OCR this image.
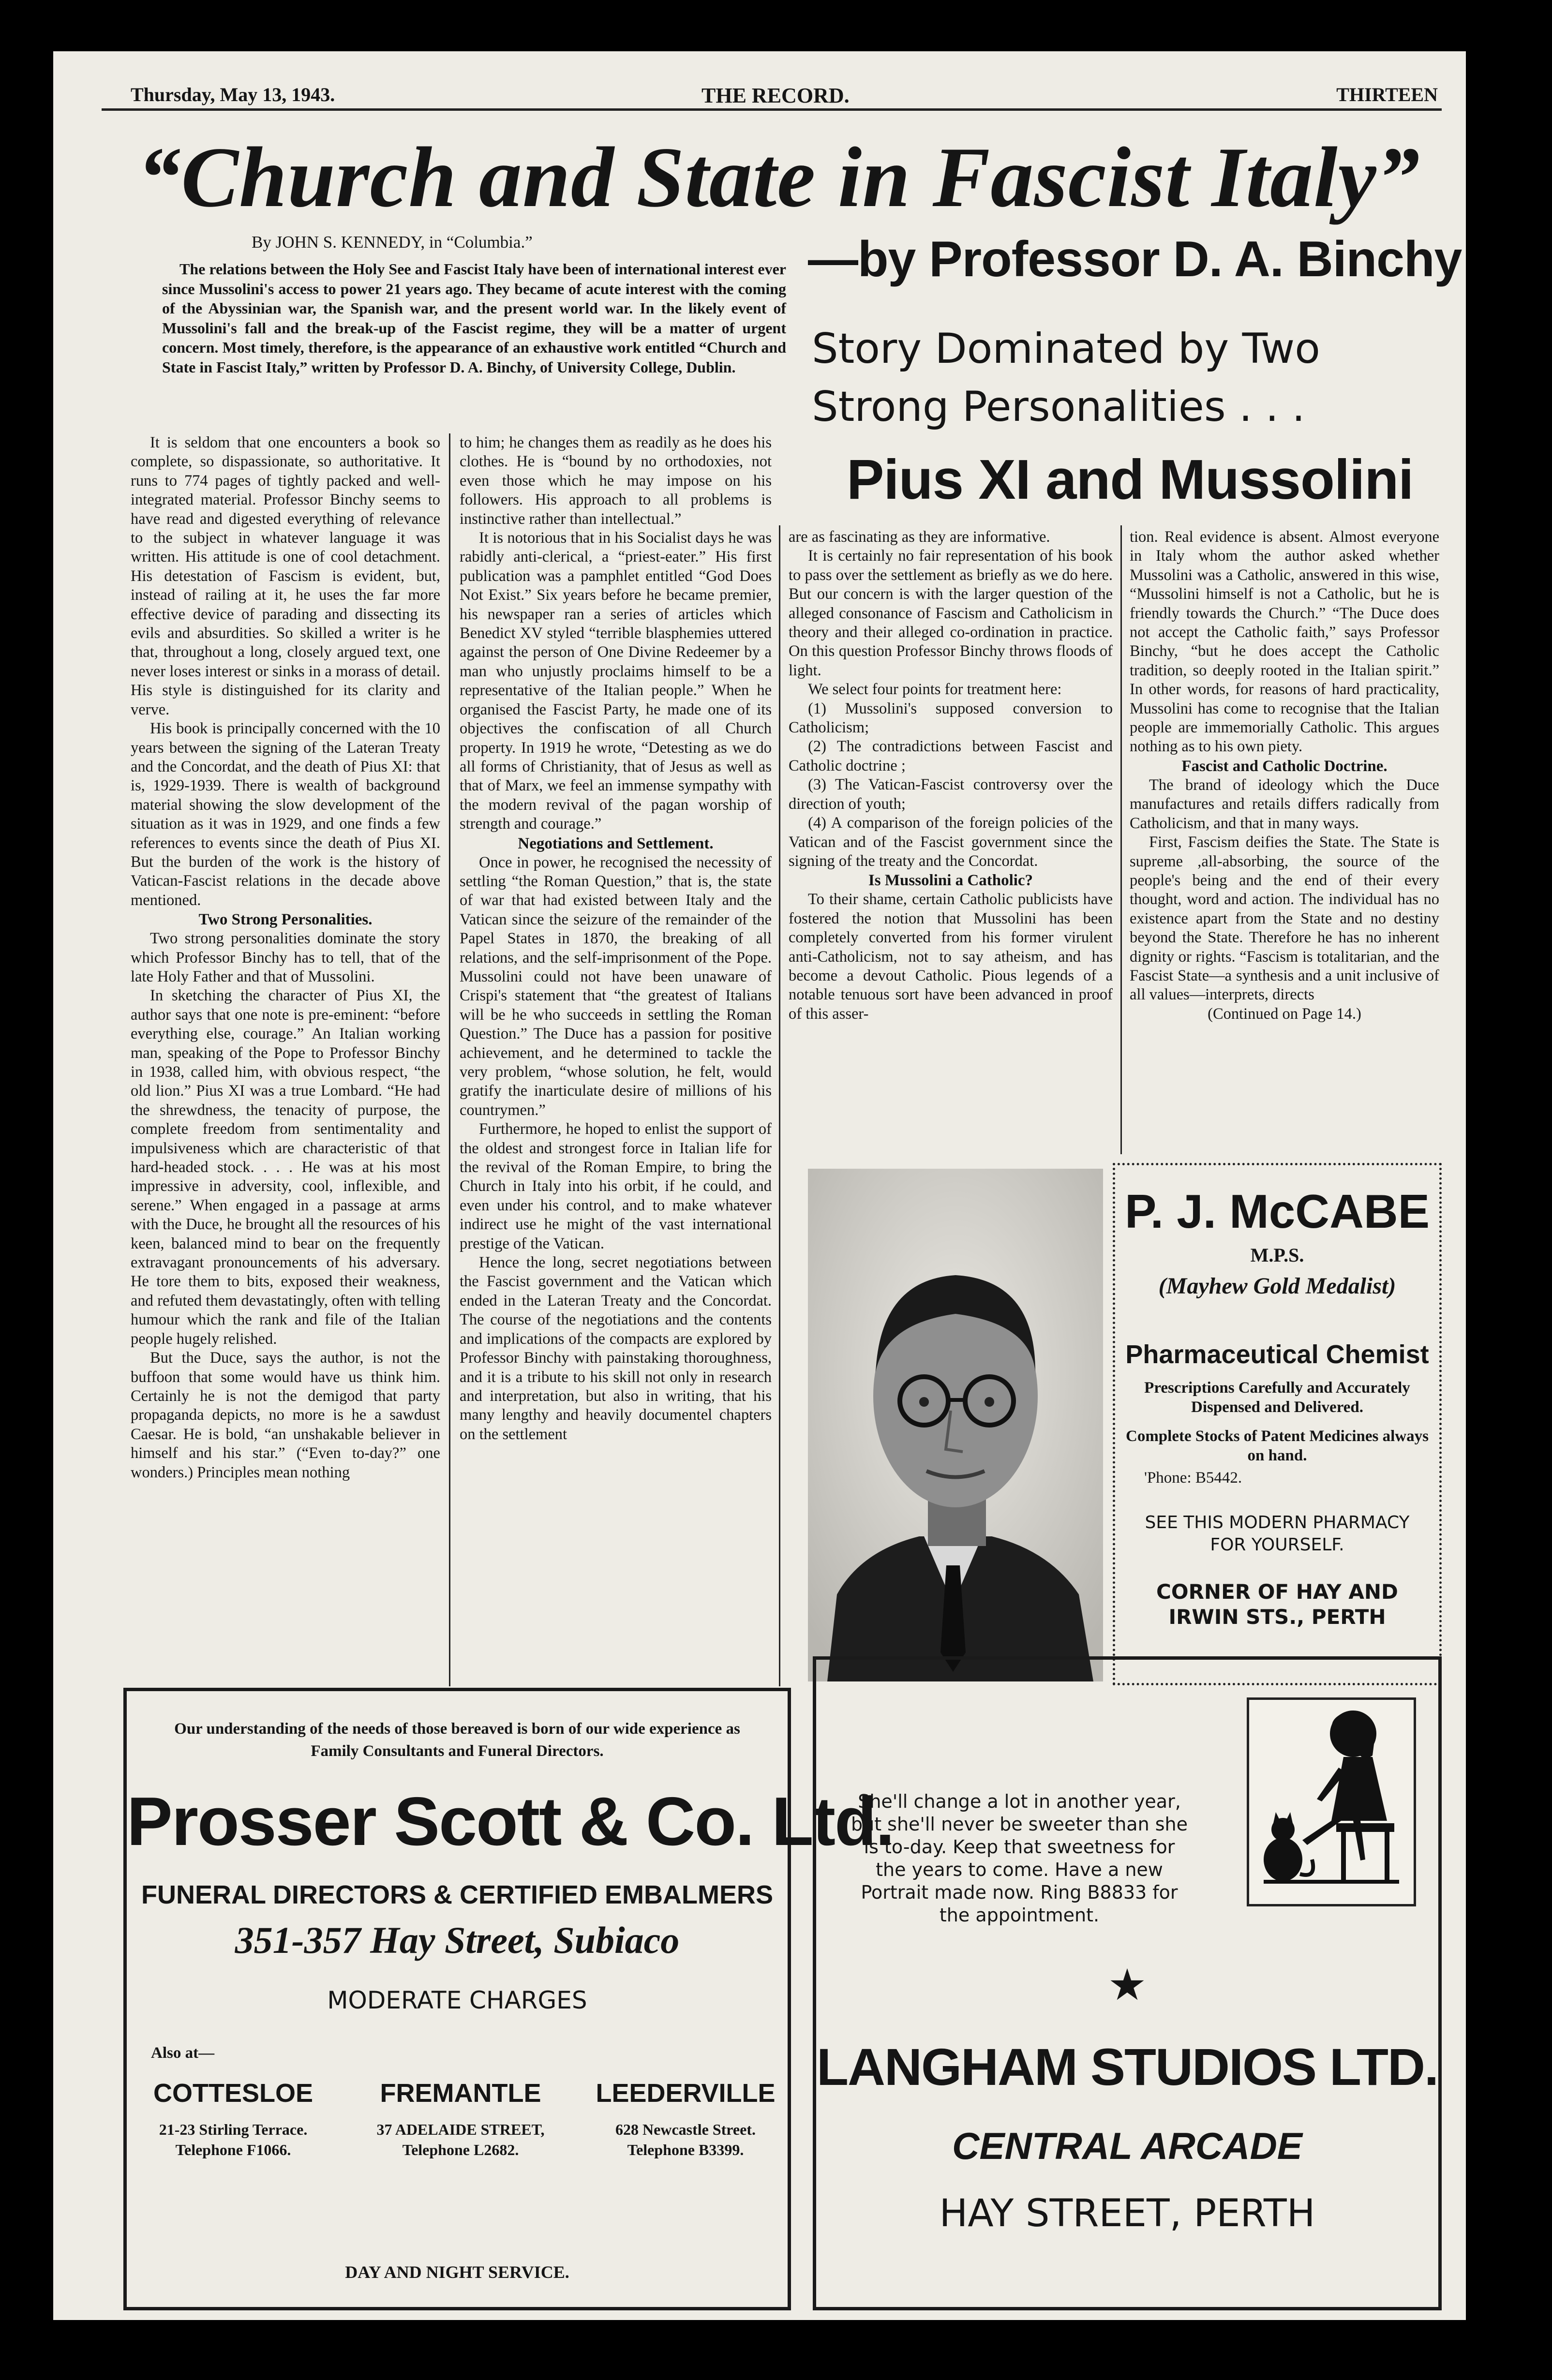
Thursday, May 13, 1943.	THE RECORD.	THIRTEEN
“Church and State in Fascist Italy”
By JOHN S. KENNEDY, in “Columbia.”
The relations between the Holy See and Fascist Italy have been of international interest ever since Mussolini's access to power 21 years ago. They became of acute interest with the coming of the Abyssinian war, the Spanish war, and the present world war. In the likely event of Mussolini's fall and the break-up of the Fascist regime, they will be a matter of urgent concern. Most timely, therefore, is the appearance of an exhaustive work entitled “Church and State in Fascist Italy,” written by Professor D. A. Binchy, of University College, Dublin.
—by Professor D. A. Binchy
Story Dominated by Two
Strong Personalities . . .
Pius XI and Mussolini

It is seldom that one encounters a book so complete, so dispassionate, so authoritative. It runs to 774 pages of tightly packed and well-integrated material. Professor Binchy seems to have read and digested everything of relevance to the subject in whatever language it was written. His attitude is one of cool detachment. His detestation of Fascism is evident, but, instead of railing at it, he uses the far more effective device of parading and dissecting its evils and absurdities. So skilled a writer is he that, throughout a long, closely argued text, one never loses interest or sinks in a morass of detail. His style is distinguished for its clarity and verve.

His book is principally concerned with the 10 years between the signing of the Lateran Treaty and the Concordat, and the death of Pius XI: that is, 1929-1939. There is wealth of background material showing the slow development of the situation as it was in 1929, and one finds a few references to events since the death of Pius XI. But the burden of the work is the history of Vatican-Fascist relations in the decade above mentioned.

Two Strong Personalities.

Two strong personalities dominate the story which Professor Binchy has to tell, that of the late Holy Father and that of Mussolini.

In sketching the character of Pius XI, the author says that one note is pre-eminent: “before everything else, courage.” An Italian working man, speaking of the Pope to Professor Binchy in 1938, called him, with obvious respect, “the old lion.” Pius XI was a true Lombard. “He had the shrewdness, the tenacity of purpose, the complete freedom from sentimentality and impulsiveness which are characteristic of that hard-headed stock. . . . He was at his most impressive in adversity, cool, inflexible, and serene.” When engaged in a passage at arms with the Duce, he brought all the resources of his keen, balanced mind to bear on the frequently extravagant pronouncements of his adversary. He tore them to bits, exposed their weakness, and refuted them devastatingly, often with telling humour which the rank and file of the Italian people hugely relished.

But the Duce, says the author, is not the buffoon that some would have us think him. Certainly he is not the demigod that party propaganda depicts, no more is he a sawdust Caesar. He is bold, “an unshakable believer in himself and his star.” (“Even to-day?” one wonders.) Principles mean nothing

to him; he changes them as readily as he does his clothes. He is “bound by no orthodoxies, not even those which he may impose on his followers. His approach to all problems is instinctive rather than intellectual.”

It is notorious that in his Socialist days he was rabidly anti-clerical, a “priest-eater.” His first publication was a pamphlet entitled “God Does Not Exist.” Six years before he became premier, his newspaper ran a series of articles which Benedict XV styled “terrible blasphemies uttered against the person of One Divine Redeemer by a man who unjustly proclaims himself to be a representative of the Italian people.” When he organised the Fascist Party, he made one of its objectives the confiscation of all Church property. In 1919 he wrote, “Detesting as we do all forms of Christianity, that of Jesus as well as that of Marx, we feel an immense sympathy with the modern revival of the pagan worship of strength and courage.”

Negotiations and Settlement.

Once in power, he recognised the necessity of settling “the Roman Question,” that is, the state of war that had existed between Italy and the Vatican since the seizure of the remainder of the Papel States in 1870, the breaking of all relations, and the self-imprisonment of the Pope. Mussolini could not have been unaware of Crispi's statement that “the greatest of Italians will be he who succeeds in settling the Roman Question.” The Duce has a passion for positive achievement, and he determined to tackle the very problem, “whose solution, he felt, would gratify the inarticulate desire of millions of his countrymen.”

Furthermore, he hoped to enlist the support of the oldest and strongest force in Italian life for the revival of the Roman Empire, to bring the Church in Italy into his orbit, if he could, and even under his control, and to make whatever indirect use he might of the vast international prestige of the Vatican.

Hence the long, secret negotiations between the Fascist government and the Vatican which ended in the Lateran Treaty and the Concordat. The course of the negotiations and the contents and implications of the compacts are explored by Professor Binchy with painstaking thoroughness, and it is a tribute to his skill not only in research and interpretation, but also in writing, that his many lengthy and heavily documentel chapters on the settlement

are as fascinating as they are informative.

It is certainly no fair representation of his book to pass over the settlement as briefly as we do here. But our concern is with the larger question of the alleged consonance of Fascism and Catholicism in theory and their alleged co-ordination in practice. On this question Professor Binchy throws floods of light.

We select four points for treatment here:

(1) Mussolini's supposed conversion to Catholicism;

(2) The contradictions between Fascist and Catholic doctrine ;

(3) The Vatican-Fascist controversy over the direction of youth;

(4) A comparison of the foreign policies of the Vatican and of the Fascist government since the signing of the treaty and the Concordat.

Is Mussolini a Catholic?

To their shame, certain Catholic publicists have fostered the notion that Mussolini has been completely converted from his former virulent anti-Catholicism, not to say atheism, and has become a devout Catholic. Pious legends of a notable tenuous sort have been advanced in proof of this asser-

tion. Real evidence is absent. Almost everyone in Italy whom the author asked whether Mussolini was a Catholic, answered in this wise, “Mussolini himself is not a Catholic, but he is friendly towards the Church.” “The Duce does not accept the Catholic faith,” says Professor Binchy, “but he does accept the Catholic tradition, so deeply rooted in the Italian spirit.” In other words, for reasons of hard practicality, Mussolini has come to recognise that the Italian people are immemorially Catholic. This argues nothing as to his own piety.

Fascist and Catholic Doctrine.

The brand of ideology which the Duce manufactures and retails differs radically from Catholicism, and that in many ways.

First, Fascism deifies the State. The State is supreme ,all-absorbing, the source of the people's being and the end of their every thought, word and action. The individual has no existence apart from the State and no destiny beyond the State. Therefore he has no inherent dignity or rights. “Fascism is totalitarian, and the Fascist State—a synthesis and a unit inclusive of all values—interprets, directs

(Continued on Page 14.)

P. J. McCABE
M.P.S.
(Mayhew Gold Medalist)
Pharmaceutical Chemist
Prescriptions Carefully and Accurately Dispensed and Delivered.
Complete Stocks of Patent Medicines always on hand.
'Phone: B5442.
SEE THIS MODERN PHARMACY FOR YOURSELF.
CORNER OF HAY AND IRWIN STS., PERTH
Our understanding of the needs of those bereaved is born of our wide experience as Family Consultants and Funeral Directors.
Prosser Scott & Co. Ltd.
FUNERAL DIRECTORS & CERTIFIED EMBALMERS
351-357 Hay Street, Subiaco
MODERATE CHARGES
Also at—
COTTESLOE
21-23 Stirling Terrace.
Telephone F1066.
FREMANTLE
37 ADELAIDE STREET,
Telephone L2682.
LEEDERVILLE
628 Newcastle Street.
Telephone B3399.
DAY AND NIGHT SERVICE.
She'll change a lot in another year, but she'll never be sweeter than she is to-day. Keep that sweetness for the years to come. Have a new Portrait made now. Ring B8833 for the appointment.
★
LANGHAM STUDIOS LTD.
CENTRAL ARCADE
HAY STREET, PERTH
